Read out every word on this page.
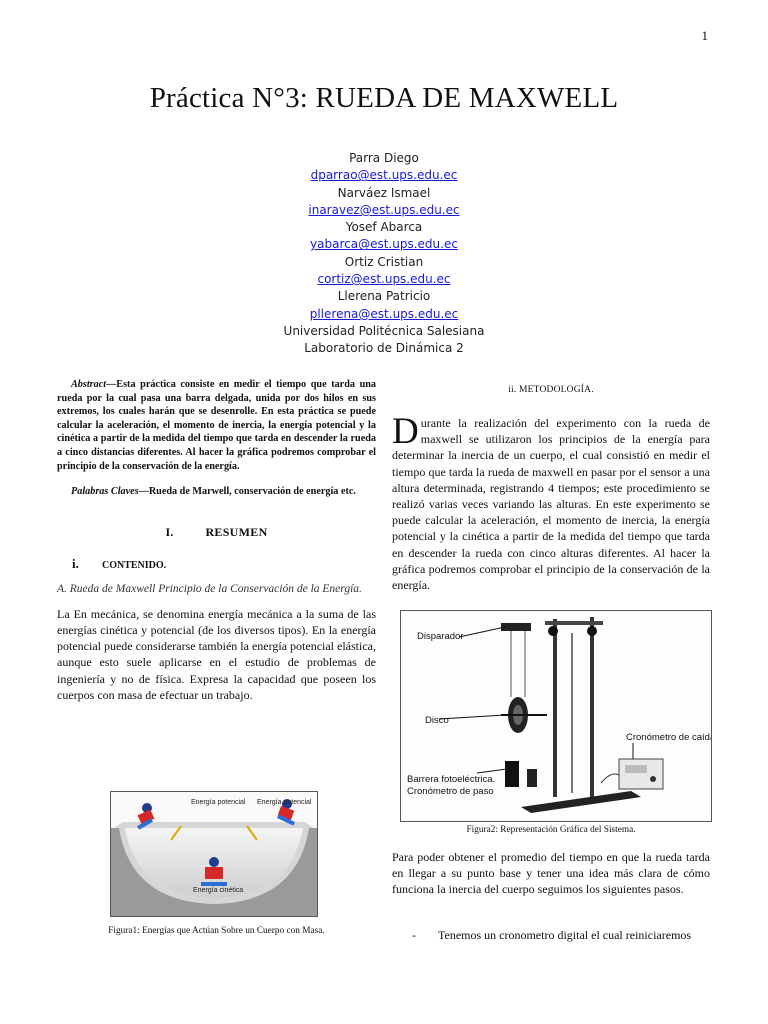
1
Práctica N°3: RUEDA DE MAXWELL
Parra Diego
dparrao@est.ups.edu.ec
Narváez Ismael
inaravez@est.ups.edu.ec
Yosef Abarca
yabarca@est.ups.edu.ec
Ortiz Cristian
cortiz@est.ups.edu.ec
Llerena Patricio
pllerena@est.ups.edu.ec
Universidad Politécnica Salesiana
Laboratorio de Dinámica 2

Abstract—Esta práctica consiste en medir el tiempo que tarda una rueda por la cual pasa una barra delgada, unida por dos hilos en sus extremos, los cuales harán que se desenrolle. En esta práctica se puede calcular la aceleración, el momento de inercia, la energía potencial y la cinética a partir de la medida del tiempo que tarda en descender la rueda a cinco distancias diferentes. Al hacer la gráfica podremos comprobar el principio de la conservación de la energía.

Palabras Claves—Rueda de Marwell, conservación de energía etc.

I.	RESUMEN

i. CONTENIDO.

A. Rueda de Maxwell Principio de la Conservación de la Energía.

La En mecánica, se denomina energía mecánica a la suma de las energías cinética y potencial (de los diversos tipos). En la energía potencial puede considerarse también la energía potencial elástica, aunque esto suele aplicarse en el estudio de problemas de ingeniería y no de física. Expresa la capacidad que poseen los cuerpos con masa de efectuar un trabajo.

Energía potencial Energía potencial
Energía cinética
Figura1: Energías que Actúan Sobre un Cuerpo con Masa.
ii. METODOLOGÍA.

Durante la realización del experimento con la rueda de maxwell se utilizaron los principios de la energía para determinar la inercia de un cuerpo, el cual consistió en medir el tiempo que tarda la rueda de maxwell en pasar por el sensor a una altura determinada, registrando 4 tiempos; este procedimiento se realizó varias veces variando las alturas. En este experimento se puede calcular la aceleración, el momento de inercia, la energía potencial y la cinética a partir de la medida del tiempo que tarda en descender la rueda con cinco alturas diferentes. Al hacer la gráfica podremos comprobar el principio de la conservación de la energía.

Disparador
Disco
Cronómetro de caída
Barrera fotoeléctrica.
Cronómetro de paso
Figura2: Representación Gráfica del Sistema.

Para poder obtener el promedio del tiempo en que la rueda tarda en llegar a su punto base y tener una idea más clara de cómo funciona la inercia del cuerpo seguimos los siguientes pasos.

- Tenemos un cronometro digital el cual reiniciaremos
